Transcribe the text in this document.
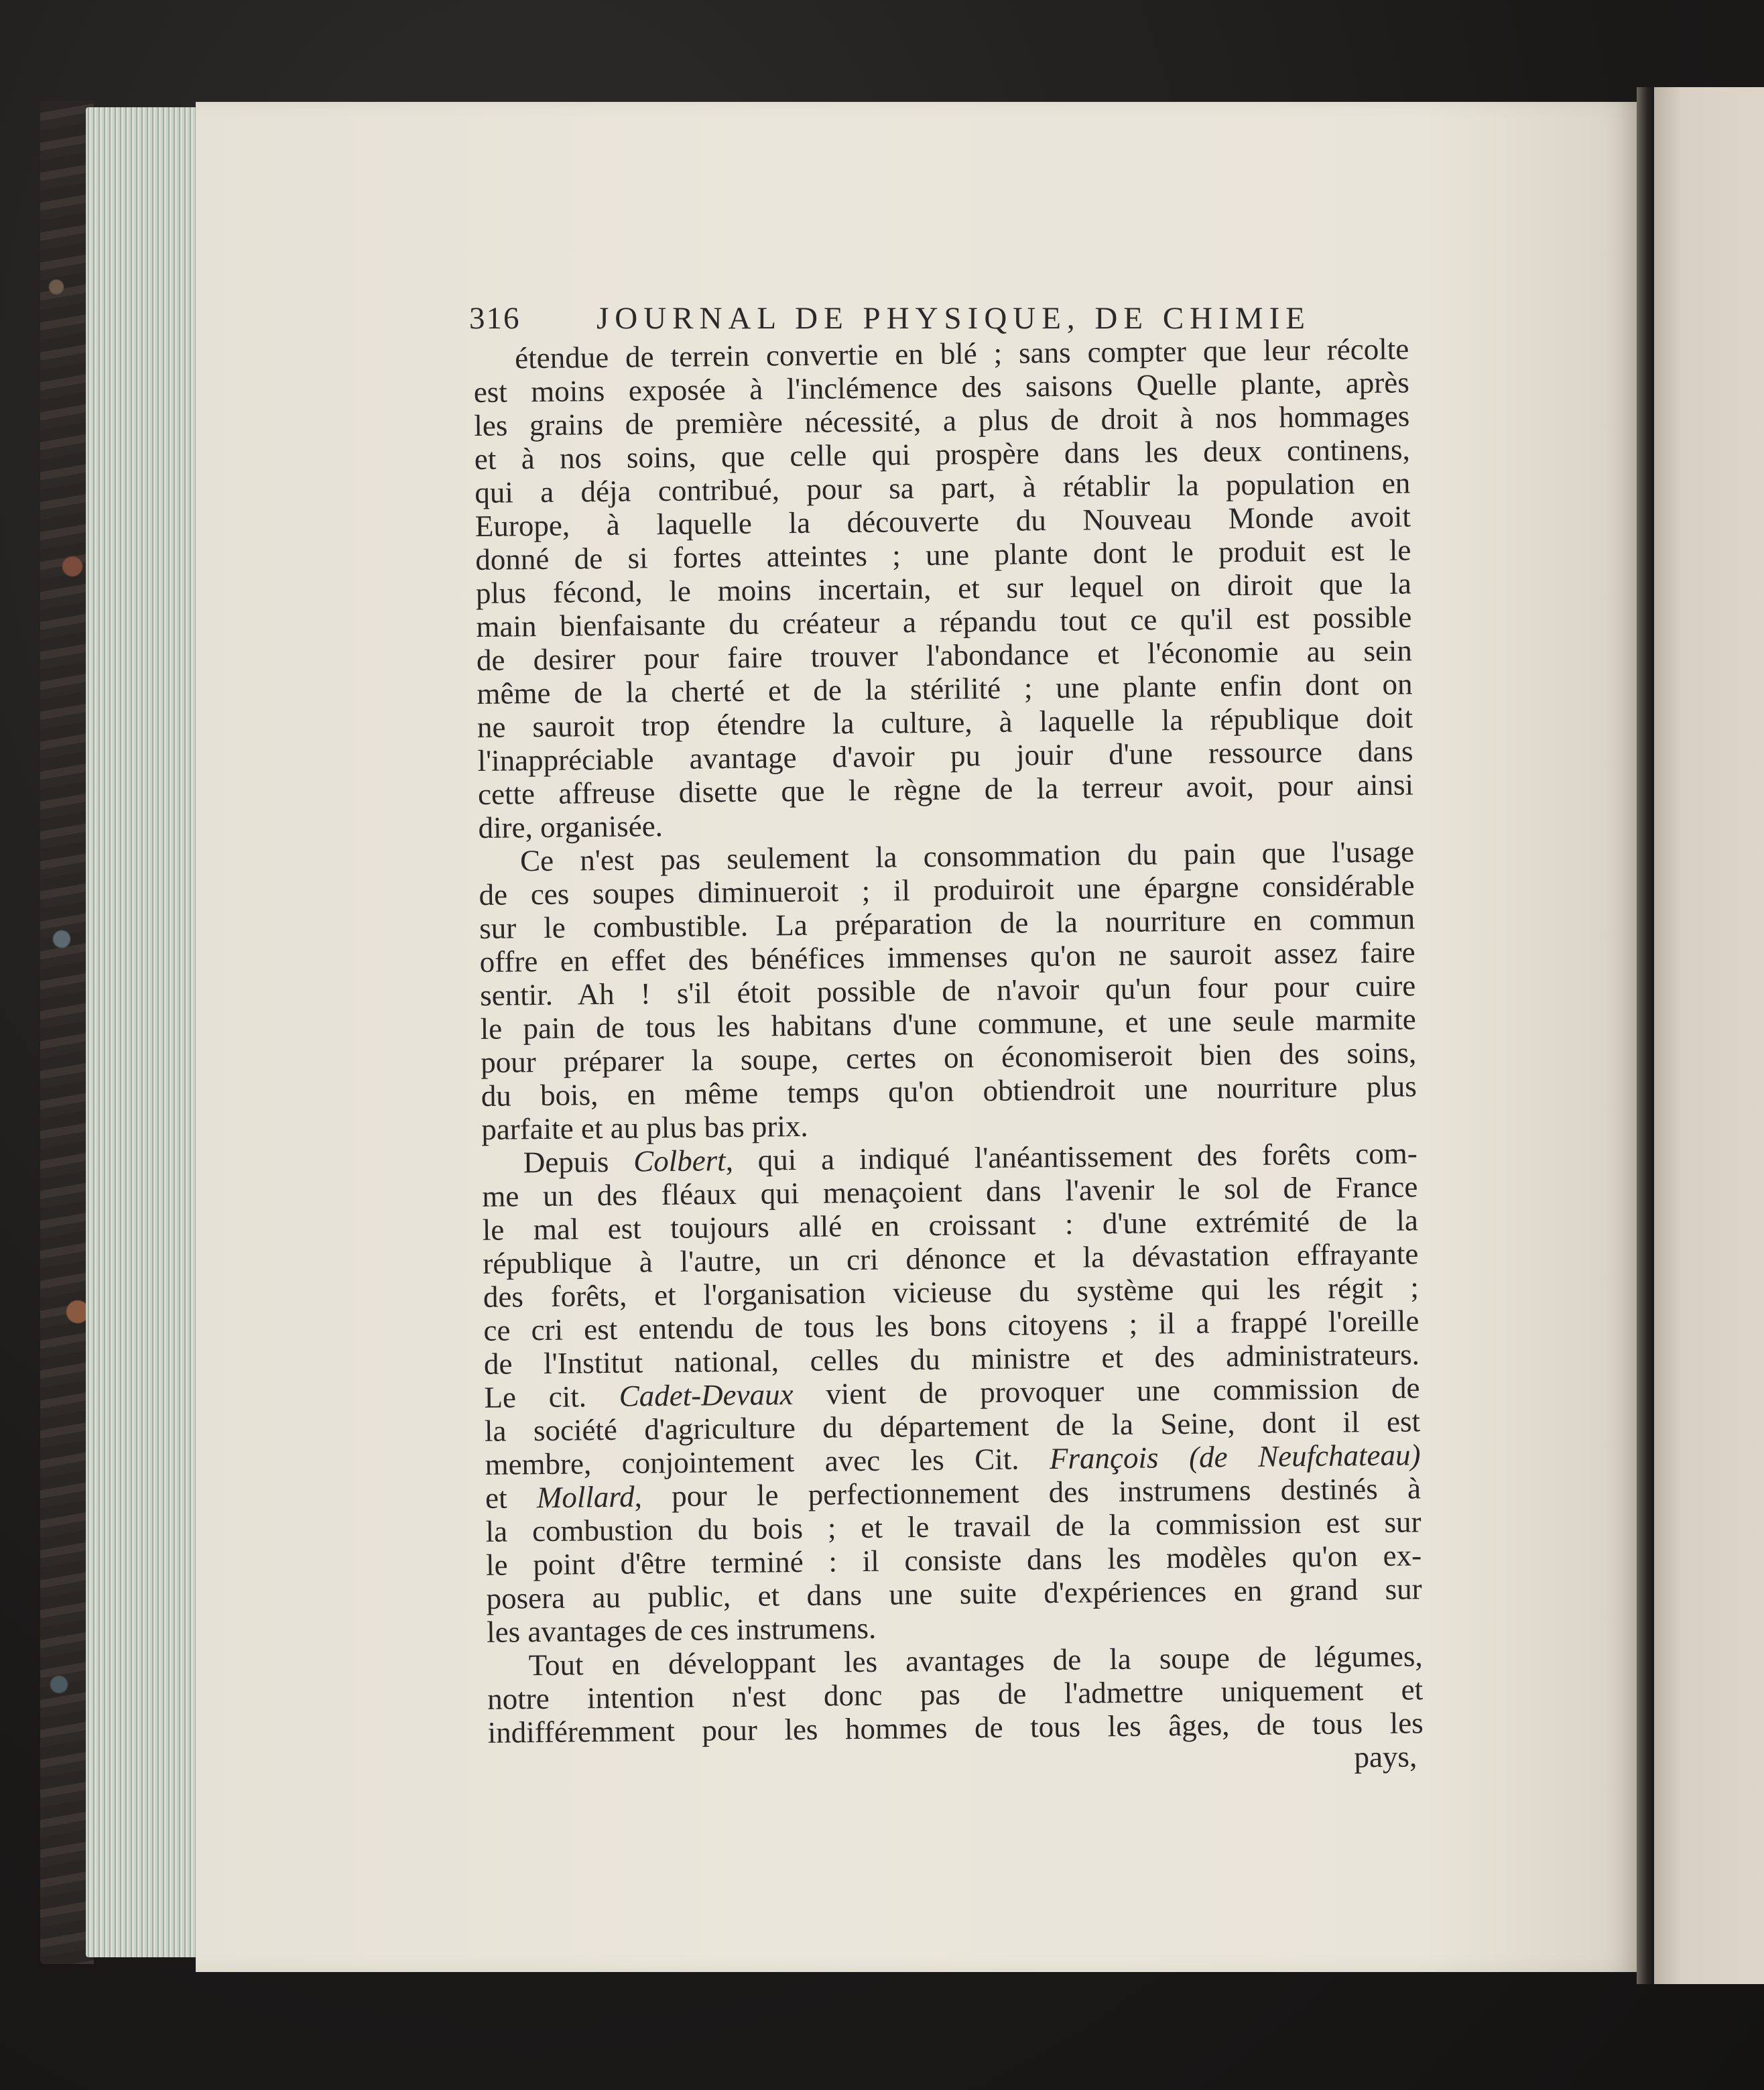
316 JOURNAL DE PHYSIQUE, DE CHIMIE
étendue de terrein convertie en blé ; sans compter que leur récolte
est moins exposée à l'inclémence des saisons Quelle plante, après
les grains de première nécessité, a plus de droit à nos hommages
et à nos soins, que celle qui prospère dans les deux continens,
qui a déja contribué, pour sa part, à rétablir la population en
Europe, à laquelle la découverte du Nouveau Monde avoit
donné de si fortes atteintes ; une plante dont le produit est le
plus fécond, le moins incertain, et sur lequel on diroit que la
main bienfaisante du créateur a répandu tout ce qu'il est possible
de desirer pour faire trouver l'abondance et l'économie au sein
même de la cherté et de la stérilité ; une plante enfin dont on
ne sauroit trop étendre la culture, à laquelle la république doit
l'inappréciable avantage d'avoir pu jouir d'une ressource dans
cette affreuse disette que le règne de la terreur avoit, pour ainsi
dire, organisée.
Ce n'est pas seulement la consommation du pain que l'usage
de ces soupes diminueroit ; il produiroit une épargne considérable
sur le combustible. La préparation de la nourriture en commun
offre en effet des bénéfices immenses qu'on ne sauroit assez faire
sentir. Ah ! s'il étoit possible de n'avoir qu'un four pour cuire
le pain de tous les habitans d'une commune, et une seule marmite
pour préparer la soupe, certes on économiseroit bien des soins,
du bois, en même temps qu'on obtiendroit une nourriture plus
parfaite et au plus bas prix.
Depuis Colbert, qui a indiqué l'anéantissement des forêts com-
me un des fléaux qui menaçoient dans l'avenir le sol de France
le mal est toujours allé en croissant : d'une extrémité de la
république à l'autre, un cri dénonce et la dévastation effrayante
des forêts, et l'organisation vicieuse du système qui les régit ;
ce cri est entendu de tous les bons citoyens ; il a frappé l'oreille
de l'Institut national, celles du ministre et des administrateurs.
Le cit. Cadet-Devaux vient de provoquer une commission de
la société d'agriculture du département de la Seine, dont il est
membre, conjointement avec les Cit. François (de Neufchateau)
et Mollard, pour le perfectionnement des instrumens destinés à
la combustion du bois ; et le travail de la commission est sur
le point d'être terminé : il consiste dans les modèles qu'on ex-
posera au public, et dans une suite d'expériences en grand sur
les avantages de ces instrumens.
Tout en développant les avantages de la soupe de légumes,
notre intention n'est donc pas de l'admettre uniquement et
indifféremment pour les hommes de tous les âges, de tous les
pays,
